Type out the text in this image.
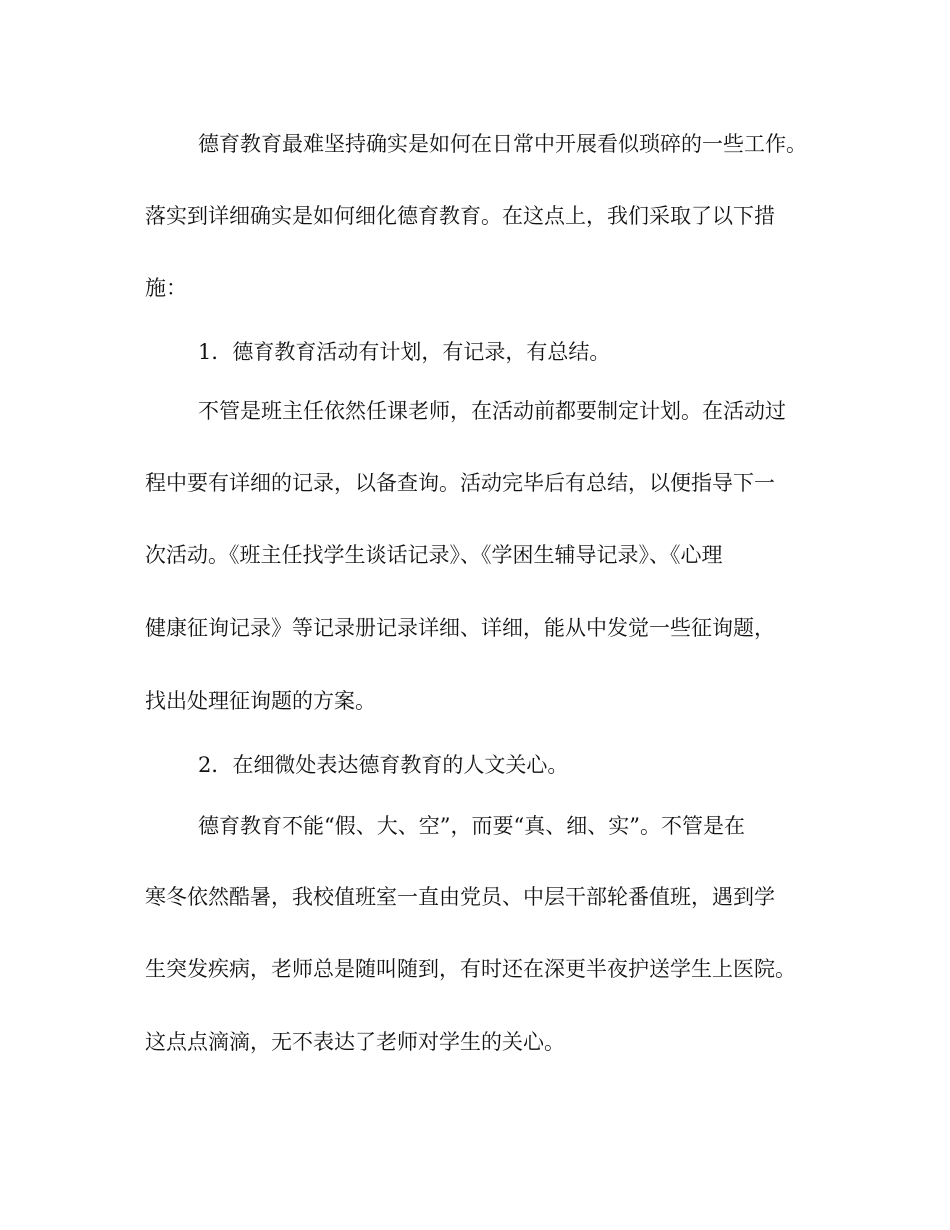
德育教育最难坚持确实是如何在日常中开展看似琐碎的一些工作。

落实到详细确实是如何细化德育教育。在这点上，我们采取了以下措

施：

1．德育教育活动有计划，有记录，有总结。

不管是班主任依然任课老师，在活动前都要制定计划。在活动过

程中要有详细的记录，以备查询。活动完毕后有总结，以便指导下一

次活动。《班主任找学生谈话记录》、《学困生辅导记录》、《心理

健康征询记录》等记录册记录详细、详细，能从中发觉一些征询题，

找出处理征询题的方案。

2．在细微处表达德育教育的人文关心。

德育教育不能“假、大、空”，而要“真、细、实”。不管是在

寒冬依然酷暑，我校值班室一直由党员、中层干部轮番值班，遇到学

生突发疾病，老师总是随叫随到，有时还在深更半夜护送学生上医院。

这点点滴滴，无不表达了老师对学生的关心。
